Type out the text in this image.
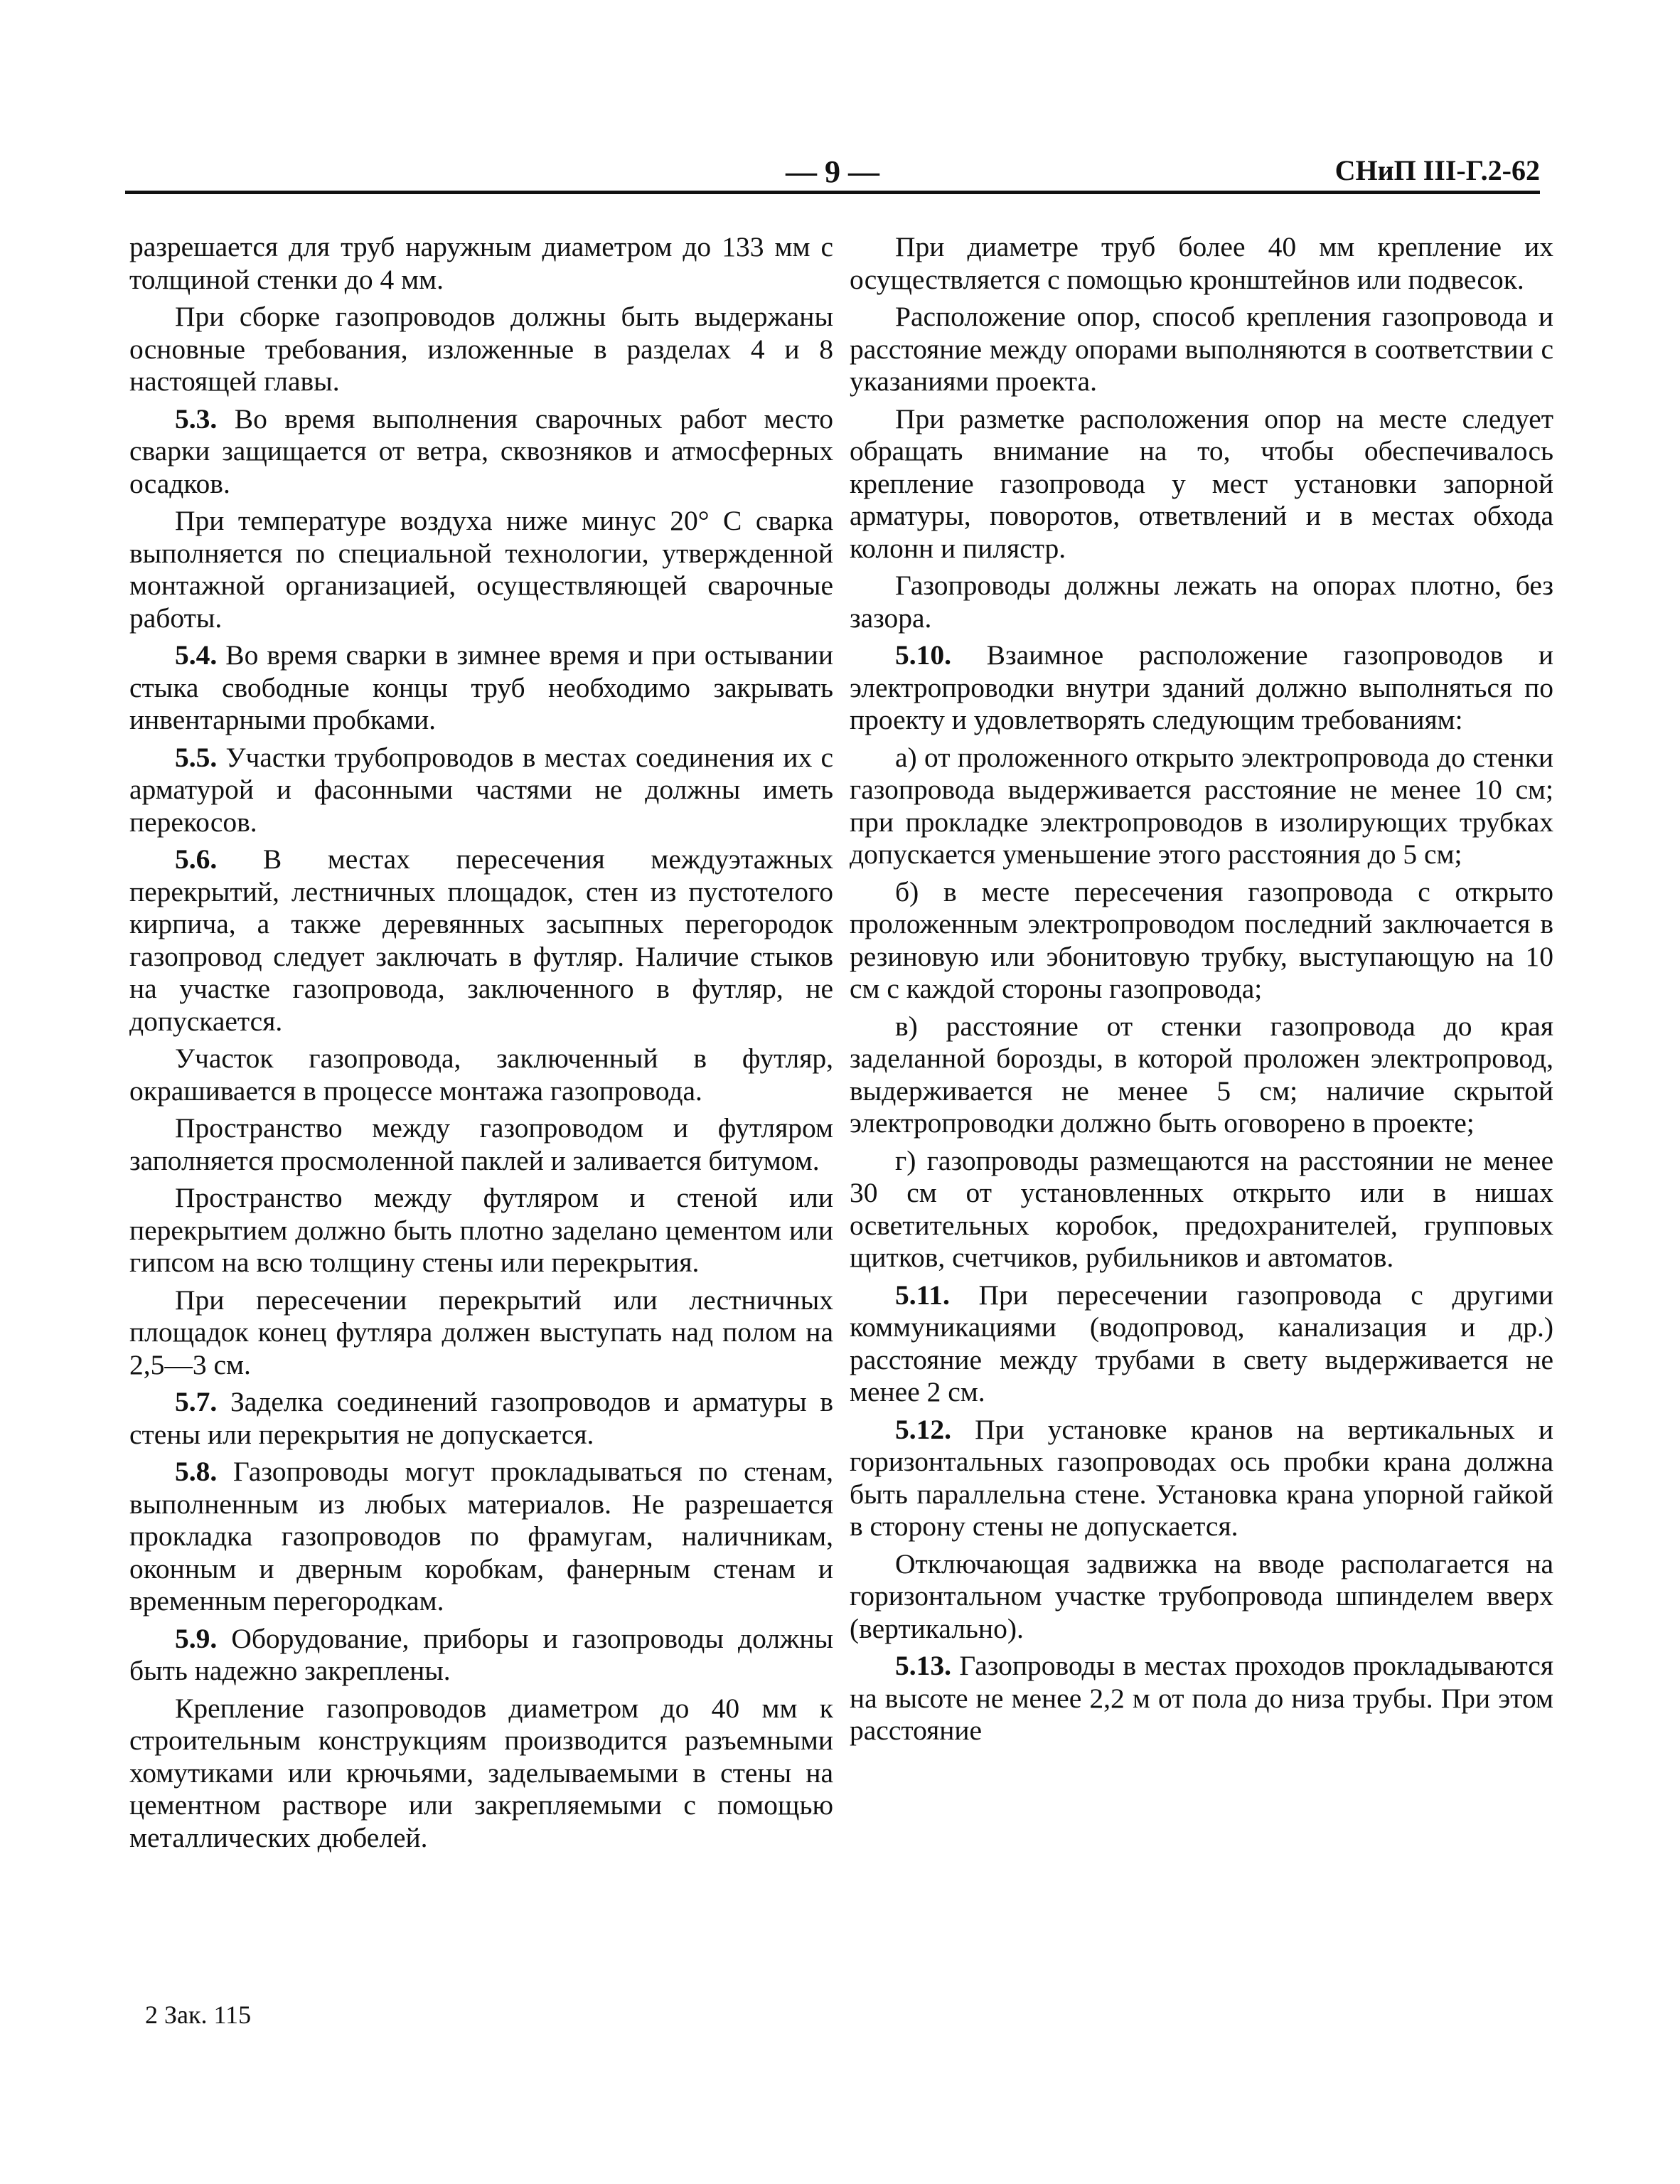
— 9 —	СНиП III-Г.2-62

разрешается для труб наружным диаметром до 133 мм с толщиной стенки до 4 мм.

При сборке газопроводов должны быть выдержаны основные требования, изложенные в разделах 4 и 8 настоящей главы.

5.3. Во время выполнения сварочных работ место сварки защищается от ветра, сквозняков и атмосферных осадков.

При температуре воздуха ниже минус 20° С сварка выполняется по специальной технологии, утвержденной монтажной организацией, осуществляющей сварочные работы.

5.4. Во время сварки в зимнее время и при остывании стыка свободные концы труб необходимо закрывать инвентарными пробками.

5.5. Участки трубопроводов в местах соединения их с арматурой и фасонными частями не должны иметь перекосов.

5.6. В местах пересечения междуэтажных перекрытий, лестничных площадок, стен из пустотелого кирпича, а также деревянных засыпных перегородок газопровод следует заключать в футляр. Наличие стыков на участке газопровода, заключенного в футляр, не допускается.

Участок газопровода, заключенный в футляр, окрашивается в процессе монтажа газопровода.

Пространство между газопроводом и футляром заполняется просмоленной паклей и заливается битумом.

Пространство между футляром и стеной или перекрытием должно быть плотно заделано цементом или гипсом на всю толщину стены или перекрытия.

При пересечении перекрытий или лестничных площадок конец футляра должен выступать над полом на 2,5—3 см.

5.7. Заделка соединений газопроводов и арматуры в стены или перекрытия не допускается.

5.8. Газопроводы могут прокладываться по стенам, выполненным из любых материалов. Не разрешается прокладка газопроводов по фрамугам, наличникам, оконным и дверным коробкам, фанерным стенам и временным перегородкам.

5.9. Оборудование, приборы и газопроводы должны быть надежно закреплены.

Крепление газопроводов диаметром до 40 мм к строительным конструкциям производится разъемными хомутиками или крючьями, заделываемыми в стены на цементном растворе или закрепляемыми с помощью металлических дюбелей.

При диаметре труб более 40 мм крепление их осуществляется с помощью кронштейнов или подвесок.

Расположение опор, способ крепления газопровода и расстояние между опорами выполняются в соответствии с указаниями проекта.

При разметке расположения опор на месте следует обращать внимание на то, чтобы обеспечивалось крепление газопровода у мест установки запорной арматуры, поворотов, ответвлений и в местах обхода колонн и пилястр.

Газопроводы должны лежать на опорах плотно, без зазора.

5.10. Взаимное расположение газопроводов и электропроводки внутри зданий должно выполняться по проекту и удовлетворять следующим требованиям:

а) от проложенного открыто электропровода до стенки газопровода выдерживается расстояние не менее 10 см; при прокладке электропроводов в изолирующих трубках допускается уменьшение этого расстояния до 5 см;

б) в месте пересечения газопровода с открыто проложенным электропроводом последний заключается в резиновую или эбонитовую трубку, выступающую на 10 см с каждой стороны газопровода;

в) расстояние от стенки газопровода до края заделанной борозды, в которой проложен электропровод, выдерживается не менее 5 см; наличие скрытой электропроводки должно быть оговорено в проекте;

г) газопроводы размещаются на расстоянии не менее 30 см от установленных открыто или в нишах осветительных коробок, предохранителей, групповых щитков, счетчиков, рубильников и автоматов.

5.11. При пересечении газопровода с другими коммуникациями (водопровод, канализация и др.) расстояние между трубами в свету выдерживается не менее 2 см.

5.12. При установке кранов на вертикальных и горизонтальных газопроводах ось пробки крана должна быть параллельна стене. Установка крана упорной гайкой в сторону стены не допускается.

Отключающая задвижка на вводе располагается на горизонтальном участке трубопровода шпинделем вверх (вертикально).

5.13. Газопроводы в местах проходов прокладываются на высоте не менее 2,2 м от пола до низа трубы. При этом расстояние

2 Зак. 115
